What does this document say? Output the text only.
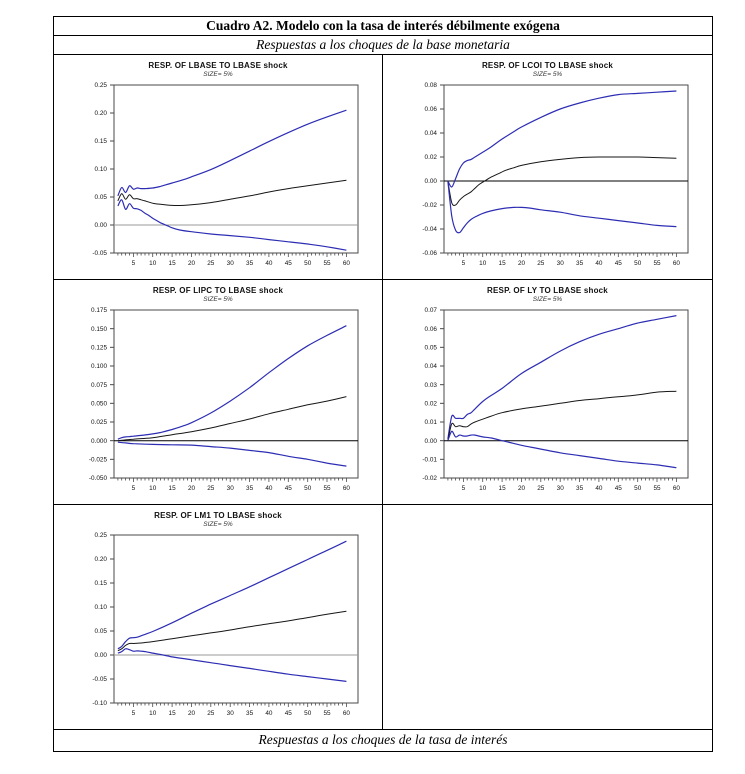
Cuadro A2. Modelo con la tasa de interés débilmente exógena
Respuestas a los choques de la base monetaria
RESP. OF LBASE TO LBASE shock
SIZE= 5%
0.25
0.20
0.15
0.10
0.05
0.00
-0.05
5 10 15 20 25 30 35 40 45 50 55 60
RESP. OF LCOI TO LBASE shock
SIZE= 5%
0.08
0.06
0.04
0.02
0.00
-0.02
-0.04
-0.06
5 10 15 20 25 30 35 40 45 50 55 60
RESP. OF LIPC TO LBASE shock
SIZE= 5%
0.175
0.150
0.125
0.100
0.075
0.050
0.025
0.000
-0.025
-0.050
5 10 15 20 25 30 35 40 45 50 55 60
RESP. OF LY TO LBASE shock
SIZE= 5%
0.07
0.06
0.05
0.04
0.03
0.02
0.01
0.00
-0.01
-0.02
5 10 15 20 25 30 35 40 45 50 55 60
RESP. OF LM1 TO LBASE shock
SIZE= 5%
0.25
0.20
0.15
0.10
0.05
0.00
-0.05
-0.10
5 10 15 20 25 30 35 40 45 50 55 60
Respuestas a los choques de la tasa de interés
